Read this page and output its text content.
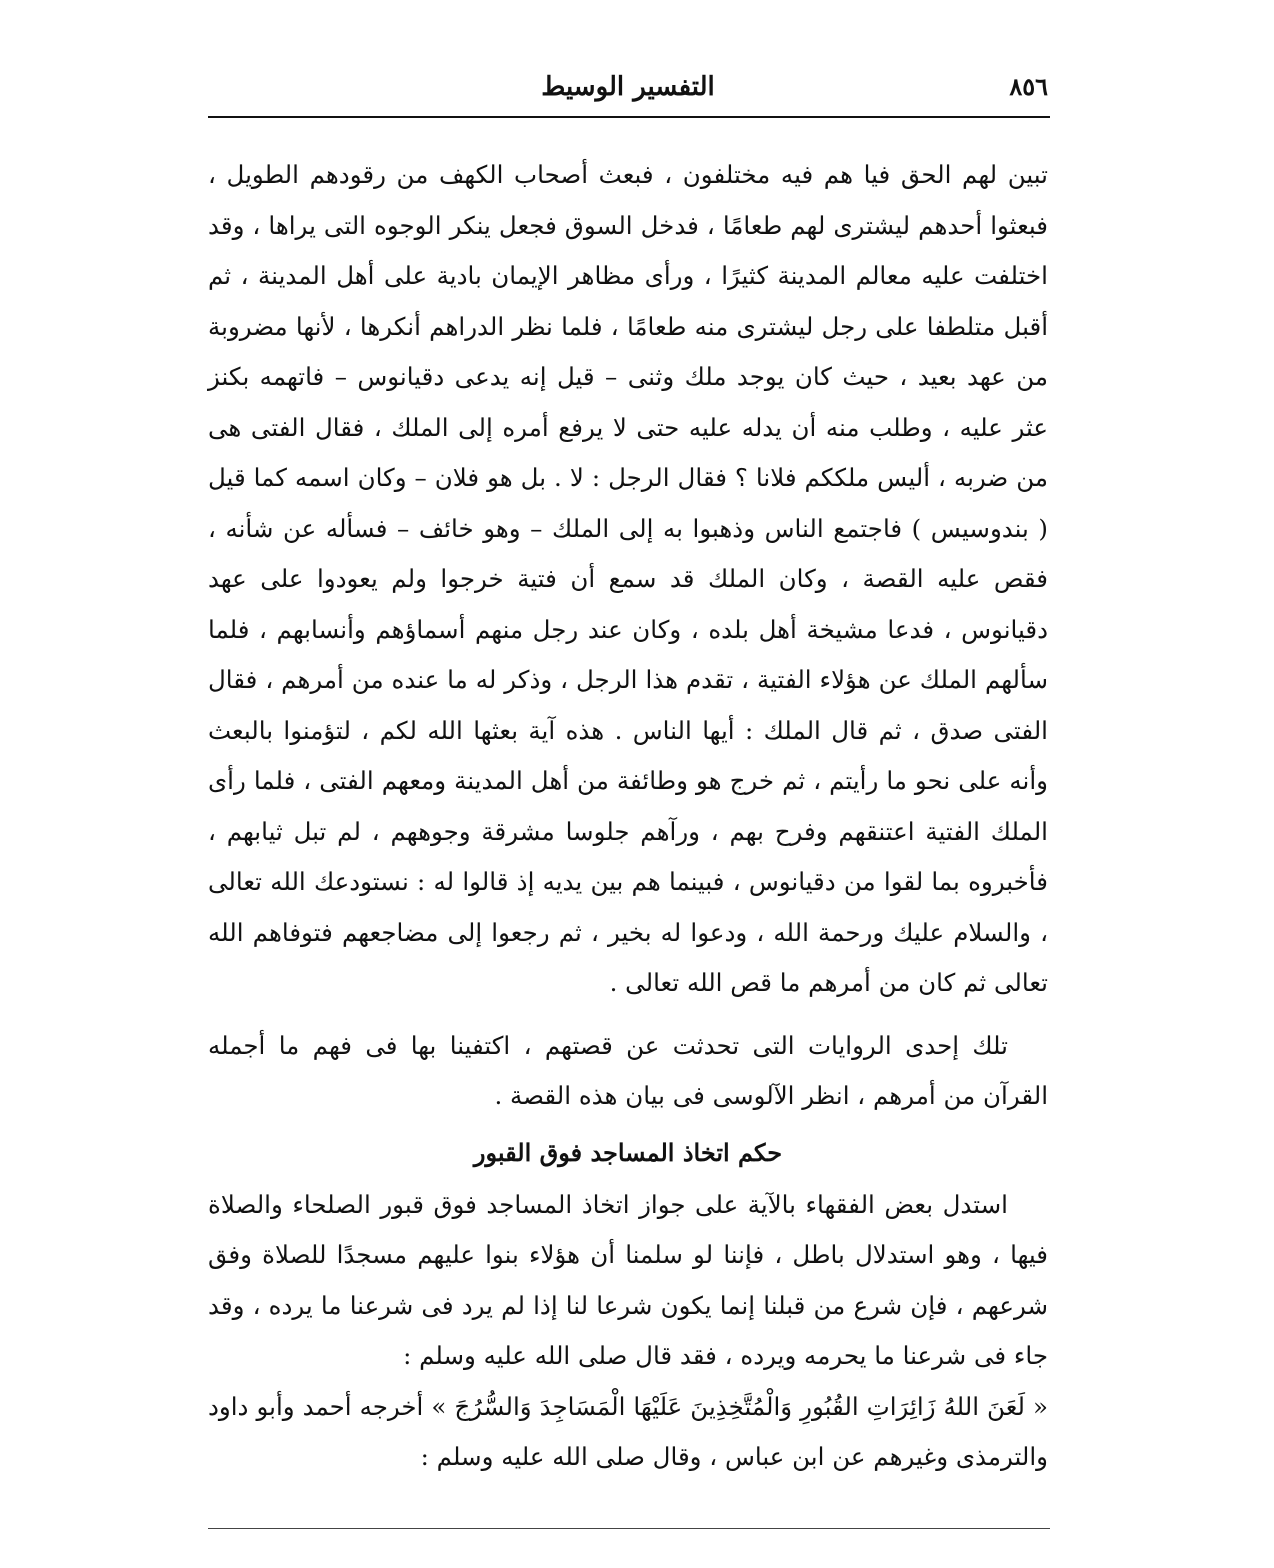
التفسير الوسيط	٨٥٦

تبين لهم الحق فيا هم فيه مختلفون ، فبعث أصحاب الكهف من رقودهم الطويل ، فبعثوا أحدهم ليشترى لهم طعامًا ، فدخل السوق فجعل ينكر الوجوه التى يراها ، وقد اختلفت عليه معالم المدينة كثيرًا ، ورأى مظاهر الإيمان بادية على أهل المدينة ، ثم أقبل متلطفا على رجل ليشترى منه طعامًا ، فلما نظر الدراهم أنكرها ، لأنها مضروبة من عهد بعيد ، حيث كان يوجد ملك وثنى – قيل إنه يدعى دقيانوس – فاتهمه بكنز عثر عليه ، وطلب منه أن يدله عليه حتى لا يرفع أمره إلى الملك ، فقال الفتى هى من ضربه ، أليس ملككم فلانا ؟ فقال الرجل : لا . بل هو فلان – وكان اسمه كما قيل ( بندوسيس ) فاجتمع الناس وذهبوا به إلى الملك – وهو خائف – فسأله عن شأنه ، فقص عليه القصة ، وكان الملك قد سمع أن فتية خرجوا ولم يعودوا على عهد دقيانوس ، فدعا مشيخة أهل بلده ، وكان عند رجل منهم أسماؤهم وأنسابهم ، فلما سألهم الملك عن هؤلاء الفتية ، تقدم هذا الرجل ، وذكر له ما عنده من أمرهم ، فقال الفتى صدق ، ثم قال الملك : أيها الناس . هذه آية بعثها الله لكم ، لتؤمنوا بالبعث وأنه على نحو ما رأيتم ، ثم خرج هو وطائفة من أهل المدينة ومعهم الفتى ، فلما رأى الملك الفتية اعتنقهم وفرح بهم ، ورآهم جلوسا مشرقة وجوههم ، لم تبل ثيابهم ، فأخبروه بما لقوا من دقيانوس ، فبينما هم بين يديه إذ قالوا له : نستودعك الله تعالى ، والسلام عليك ورحمة الله ، ودعوا له بخير ، ثم رجعوا إلى مضاجعهم فتوفاهم الله تعالى ثم كان من أمرهم ما قص الله تعالى .

تلك إحدى الروايات التى تحدثت عن قصتهم ، اكتفينا بها فى فهم ما أجمله القرآن من أمرهم ، انظر الآلوسى فى بيان هذه القصة .

حكم اتخاذ المساجد فوق القبور

استدل بعض الفقهاء بالآية على جواز اتخاذ المساجد فوق قبور الصلحاء والصلاة فيها ، وهو استدلال باطل ، فإننا لو سلمنا أن هؤلاء بنوا عليهم مسجدًا للصلاة وفق شرعهم ، فإن شرع من قبلنا إنما يكون شرعا لنا إذا لم يرد فى شرعنا ما يرده ، وقد جاء فى شرعنا ما يحرمه ويرده ، فقد قال صلى الله عليه وسلم :

« لَعَنَ اللهُ زَائِرَاتِ القُبُورِ وَالْمُتَّخِذِينَ عَلَيْهَا الْمَسَاجِدَ وَالسُّرُجَ » أخرجه أحمد وأبو داود والترمذى وغيرهم عن ابن عباس ، وقال صلى الله عليه وسلم :
